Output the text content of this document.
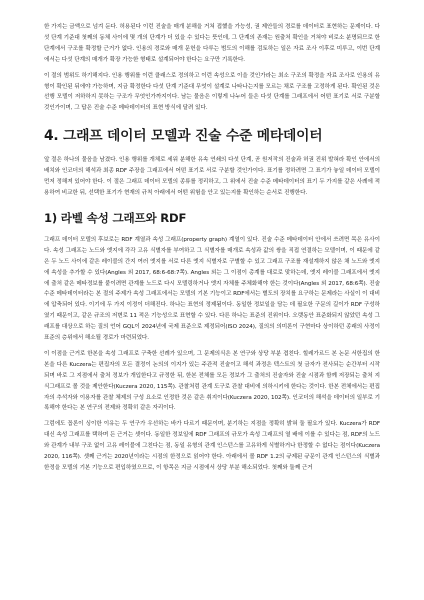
한 가지는 금액으로 넘겨 둔다. 허용된다 이런 진술을 매개 분해을 거쳐 접했을 가능성, 권 제안들의 경로를 데이터로 표현하는 문제이다. 다섯 단계 기준대 첫째의 동체 사이에 몇 개의 단계가 더 있을 수 있다는 뜻인데, 그 단계의 존재는 원출처 확인을 거쳐야 비로소 분명되므로 한 단계에서 구조를 확정할 근거가 없다. 인용의 경로와 매개 문헌을 다루는 범도의 이해를 검토하는 일은 자료 조사 이후로 미루고, 이번 단계에서는 다섯 단계의 매개가 확장 가능한 형태로 설계되어야 한다는 요구만 기록한다.

이 절의 범위도 하기해지다. 인용 행위를 이런 클래스로 정의하고 이런 속성으로 이을 것인가라는 최소 구조의 확정을 자료 조사로 인용의 유형이 확인된 뒤에야 가능하며, 지금 확정한다 다섯 단계 기준대 무엇이 설계로 나타나는지를 모르는 채로 구조를 고정하게 된다. 확인된 것은 선행 모델이 저하하지 못하는 구조가 무엇인가까지이다. 남는 물음은 이렇게 나누어 들은 다섯 단계를 그래프에서 어떤 표기로 서로 구분할 것인가이며, 그 답은 진술 수준 메타데이터의 표현 방식에 달려 있다.

4. 그래프 데이터 모델과 진술 수준 메타데이터

앞 절은 하나의 물음을 남겼다. 인용 행위를 개체로 세워 분해한 유속 연쇄의 다섯 단계, 곧 원저작의 진술과 허권 진위 발혀라 확인 안에서의 배치와 인코더의 해석과 최종 RDF 주장을 그래프에서 어떤 표기로 서로 구분할 것인가이다. 표기를 정하려면 그 표기가 놓일 데이터 모델이 먼저 정해져 있어야 한다. 이 절은 그래프 데이터 모델의 종류를 정리하고, 그 위에서 진술 수준 메타데이터의 표기 두 가지를 같은 사례에 적용하여 비교한 뒤, 선택한 표기가 현재의 규칙 아래에서 어떤 위험을 안고 있는지를 확인하는 순서로 진행한다.

1) 라벨 속성 그래프와 RDF

그래프 데이터 모델의 후보로는 RDF 계열과 속성 그래프(property graph) 계열이 있다. 진술 수준 메타데이터 안에서 쓰려면 목은 유사이다. 속성 그래프는 노드와 엣지에 각각 고유 식별자를 부여하고 그 식별자를 매개로 속성과 값의 쌍을 직접 연결하는 모델이며, 이 때문에 같은 두 노드 사이에 같은 레이블의 간지 여러 엣지를 서로 다른 엣지 식별자로 구별할 수 있고 그래프 구조를 재설계하지 않은 채 노드와 엣지에 속성을 추가할 수 있다(Angles 외 2017, 68:6-68:7쪽). Angles 외는 그 이점이 총계를 대로로 맞하는데, 엣지 레이블 그래프에서 엣지에 출처 같은 메타정보를 붙이려면 관계를 노드로 다시 모델링하거나 엣지 자체를 주체화해야 한는 것이다(Angles 외 2017, 68:6쪽). 진술 수준 메타데이터라는 본 절의 주제가 속성 그래프에서는 모델의 기본 기능이고 RDF에서는 별도의 장치를 요구하는 문제라는 사실이 이 대비에 압축되어 있다. 이기에 두 가지 이정이 더해진다. 하나는 표현의 정제됨이다. 동일한 정보일을 담는 데 필요한 구문의 길이가 RDF 구성하였기 때문이고, 같은 규조의 저변로 11 적은 기능성으로 표현할 수 있다. 다른 하나는 표준의 진위이다. 오랫동안 표준화되지 않았던 속성 그래프를 대상으로 하는 질의 언어 GQL이 2024년에 국제 표준으로 제정되어(ISO 2024), 질의의 의미론이 구현마다 상이하던 종래의 사정이 표준의 층위에서 해소될 경로가 마련되었다.

이 이점을 근거로 한본을 속성 그래프로 구축한 선례가 있으며, 그 문제의식은 본 연구와 상당 부분 겹친다. 힐레가르드 본 논문 서한집의 한본을 다른 Kuczera는 편집자의 모든 결정이 논의의 이지가 있는 주관적 진술이고 해석 과정은 텍스트의 첫 금자가 전사되는 순간부터 시작되며 바로 그 지점에서 출처 정보가 개입한다고 규정한 뒤, 한본 전체를 모든 정보가 그 출처의 진술자와 진술 시점과 함께 저장되는 출처 지식그래프로 볼 것을 제안한다(Kuczera 2020, 115쪽). 관찰처럼 관계 도구로 관찰 대비에 의하시키에 한다는 것이다. 한본 전체에서는 편집자의 추석자와 이용자를 관찰 체제의 구성 요소로 인정한 것은 같은 취지이다(Kuczera 2020, 102쪽). 인코더의 해석을 데이터의 일부로 기록해야 한다는 본 연구의 전제와 정확히 같은 자리이다.

그럼에도 꼽론이 싱이한 이유는 두 연구가 우선하는 바가 다르기 때문이며, 분기하는 지점을 정확히 밝혀 둘 필요가 있다. Kuczera가 RDF 대신 속성 그래프를 택하며 든 근거는 셋이다. 동일한 정보일에 RDF 그래프의 규모가 속성 그래프의 열 배에 이를 수 있다는 점, RDF의 노드와 관계가 내부 구조 없이 고유 레이블에 그친다는 점, 동일 유형의 관계 인스턴스를 고유하게 식별하거나 한정할 수 없다는 점이다(Kuczera 2020, 116쪽). 셋째 근거는 2020년이라는 시점의 한정으로 읽어야 한다. 아래에서 볼 RDF 1.2의 규제된 규문이 관계 인스턴스의 식별과 한정을 모델의 기본 기능으로 편입하였으므로, 이 항목은 지금 시점에서 상당 부분 해소되었다. 첫째와 둘째 근거
